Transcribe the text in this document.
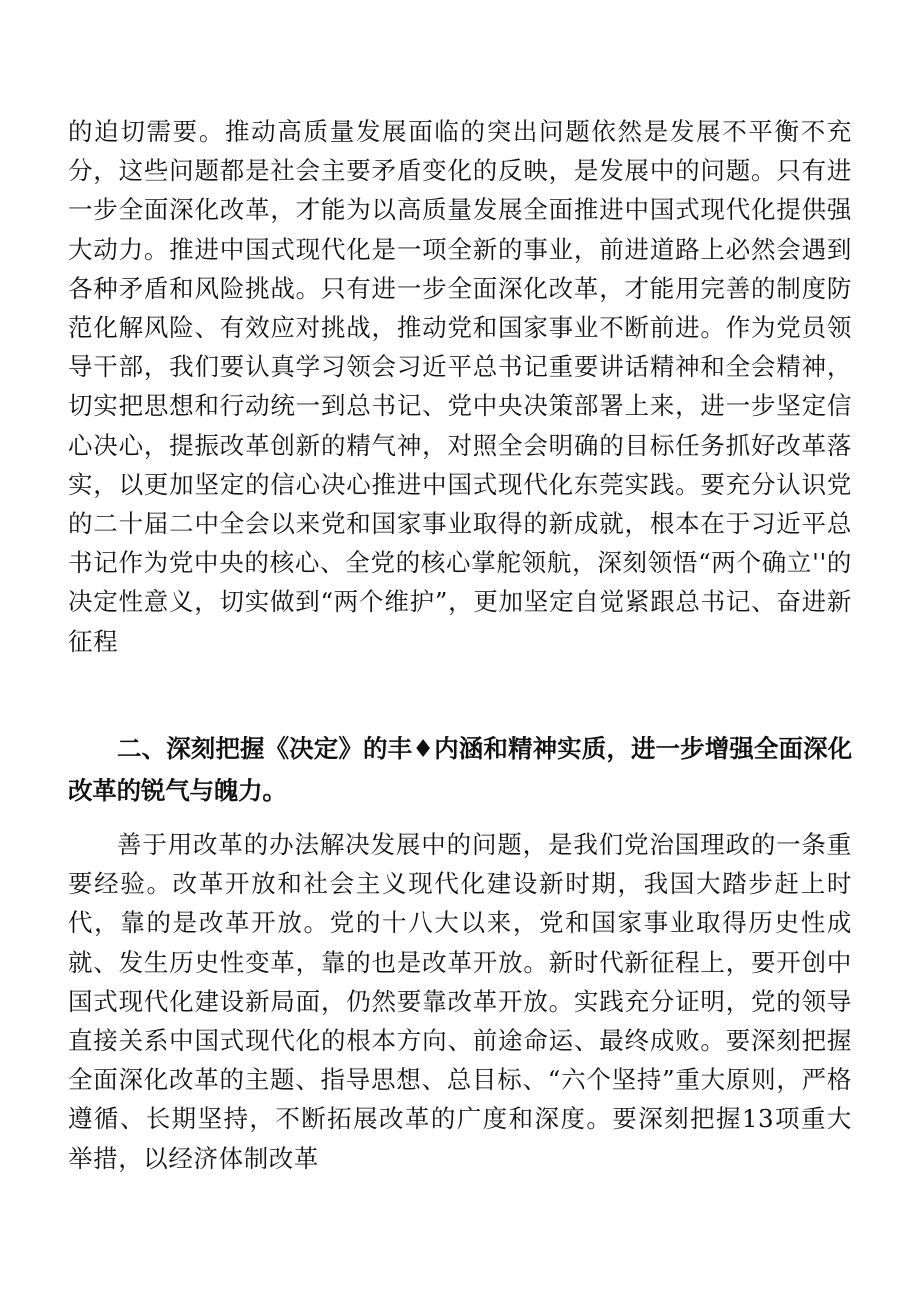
的迫切需要。推动高质量发展面临的突出问题依然是发展不平衡不充分，这些问题都是社会主要矛盾变化的反映，是发展中的问题。只有进一步全面深化改革，才能为以高质量发展全面推进中国式现代化提供强大动力。推进中国式现代化是一项全新的事业，前进道路上必然会遇到各种矛盾和风险挑战。只有进一步全面深化改革，才能用完善的制度防范化解风险、有效应对挑战，推动党和国家事业不断前进。作为党员领导干部，我们要认真学习领会习近平总书记重要讲话精神和全会精神，切实把思想和行动统一到总书记、党中央决策部署上来，进一步坚定信心决心，提振改革创新的精气神，对照全会明确的目标任务抓好改革落实，以更加坚定的信心决心推进中国式现代化东莞实践。要充分认识党的二十届二中全会以来党和国家事业取得的新成就，根本在于习近平总书记作为党中央的核心、全党的核心掌舵领航，深刻领悟“两个确立''的决定性意义，切实做到“两个维护”，更加坚定自觉紧跟总书记、奋进新征程

二、深刻把握《决定》的丰♦内涵和精神实质，进一步增强全面深化改革的锐气与魄力。

善于用改革的办法解决发展中的问题，是我们党治国理政的一条重要经验。改革开放和社会主义现代化建设新时期，我国大踏步赶上时代，靠的是改革开放。党的十八大以来，党和国家事业取得历史性成就、发生历史性变革，靠的也是改革开放。新时代新征程上，要开创中国式现代化建设新局面，仍然要靠改革开放。实践充分证明，党的领导直接关系中国式现代化的根本方向、前途命运、最终成败。要深刻把握全面深化改革的主题、指导思想、总目标、“六个坚持”重大原则，严格遵循、长期坚持，不断拓展改革的广度和深度。要深刻把握13项重大举措，以经济体制改革
